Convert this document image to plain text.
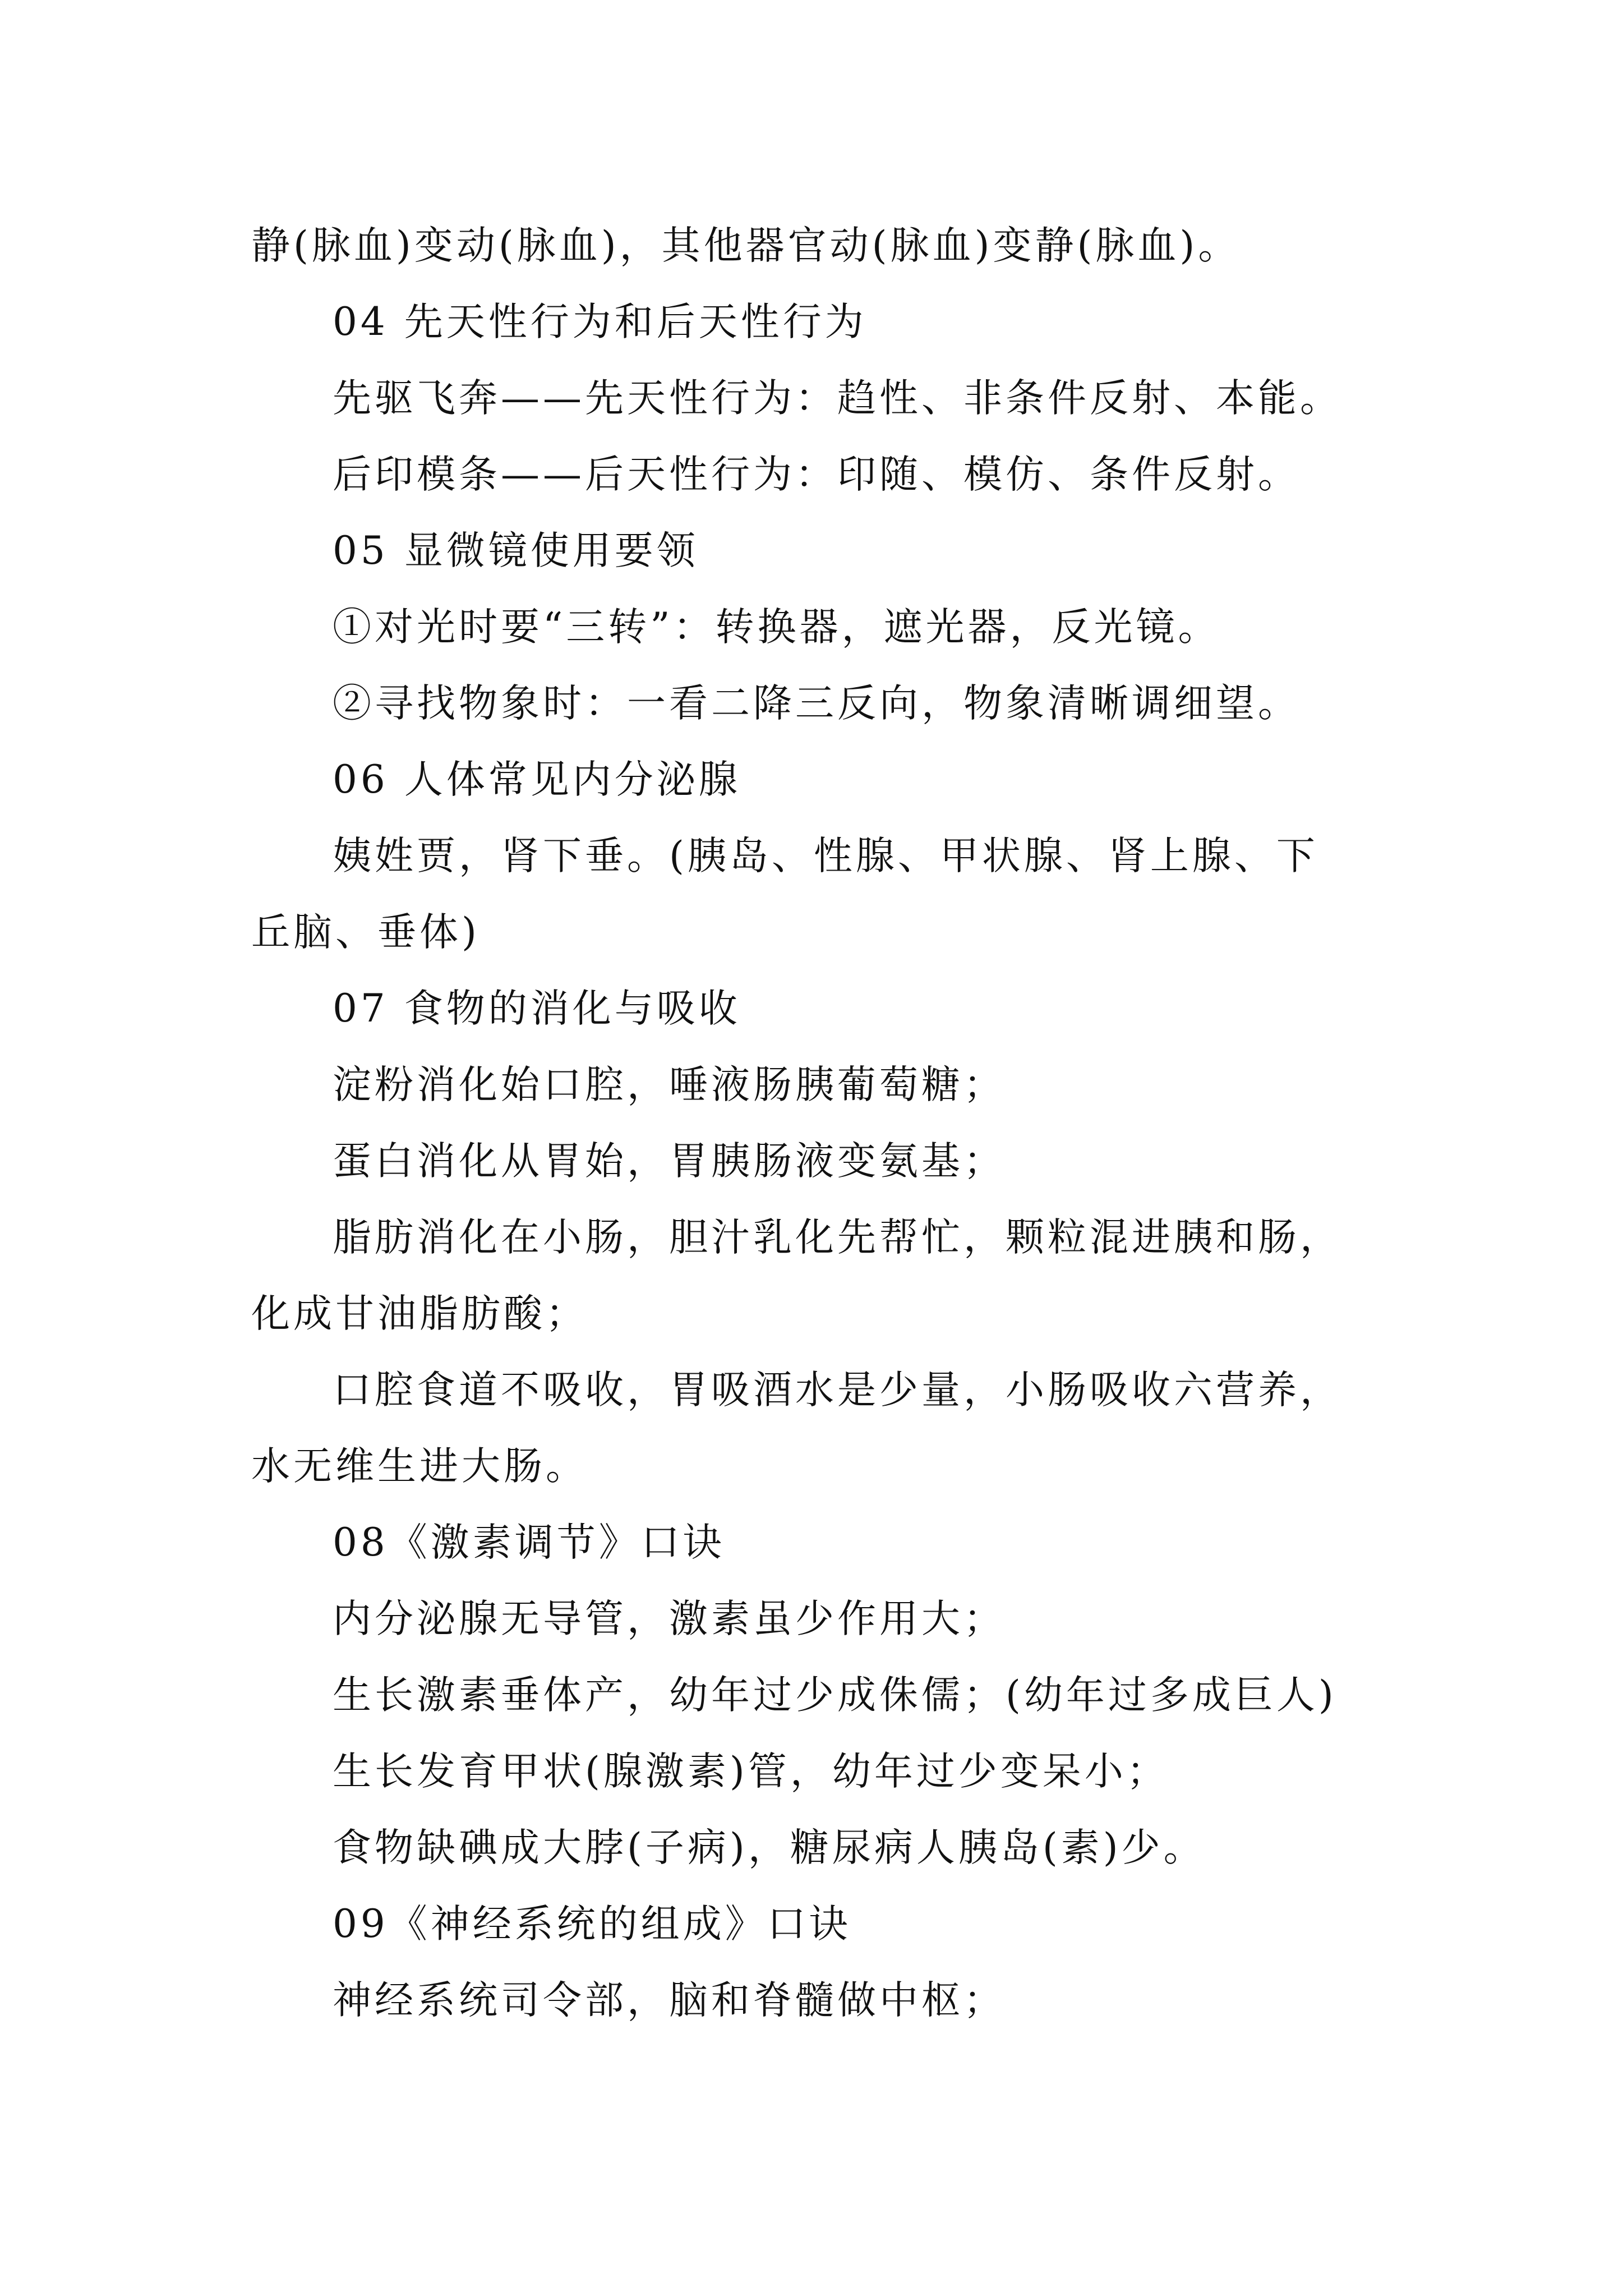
静(脉血)变动(脉血)，其他器官动(脉血)变静(脉血)。
04 先天性行为和后天性行为
先驱飞奔——先天性行为：趋性、非条件反射、本能。
后印模条——后天性行为：印随、模仿、条件反射。
05 显微镜使用要领
①对光时要“三转”：转换器，遮光器，反光镜。
②寻找物象时：一看二降三反向，物象清晰调细望。
06 人体常见内分泌腺
姨姓贾，肾下垂。(胰岛、性腺、甲状腺、肾上腺、下
丘脑、垂体)
07 食物的消化与吸收
淀粉消化始口腔，唾液肠胰葡萄糖；
蛋白消化从胃始，胃胰肠液变氨基；
脂肪消化在小肠，胆汁乳化先帮忙，颗粒混进胰和肠，
化成甘油脂肪酸；
口腔食道不吸收，胃吸酒水是少量，小肠吸收六营养，
水无维生进大肠。
08《激素调节》口诀
内分泌腺无导管，激素虽少作用大；
生长激素垂体产，幼年过少成侏儒；(幼年过多成巨人)
生长发育甲状(腺激素)管，幼年过少变呆小；
食物缺碘成大脖(子病)，糖尿病人胰岛(素)少。
09《神经系统的组成》口诀
神经系统司令部，脑和脊髓做中枢；
